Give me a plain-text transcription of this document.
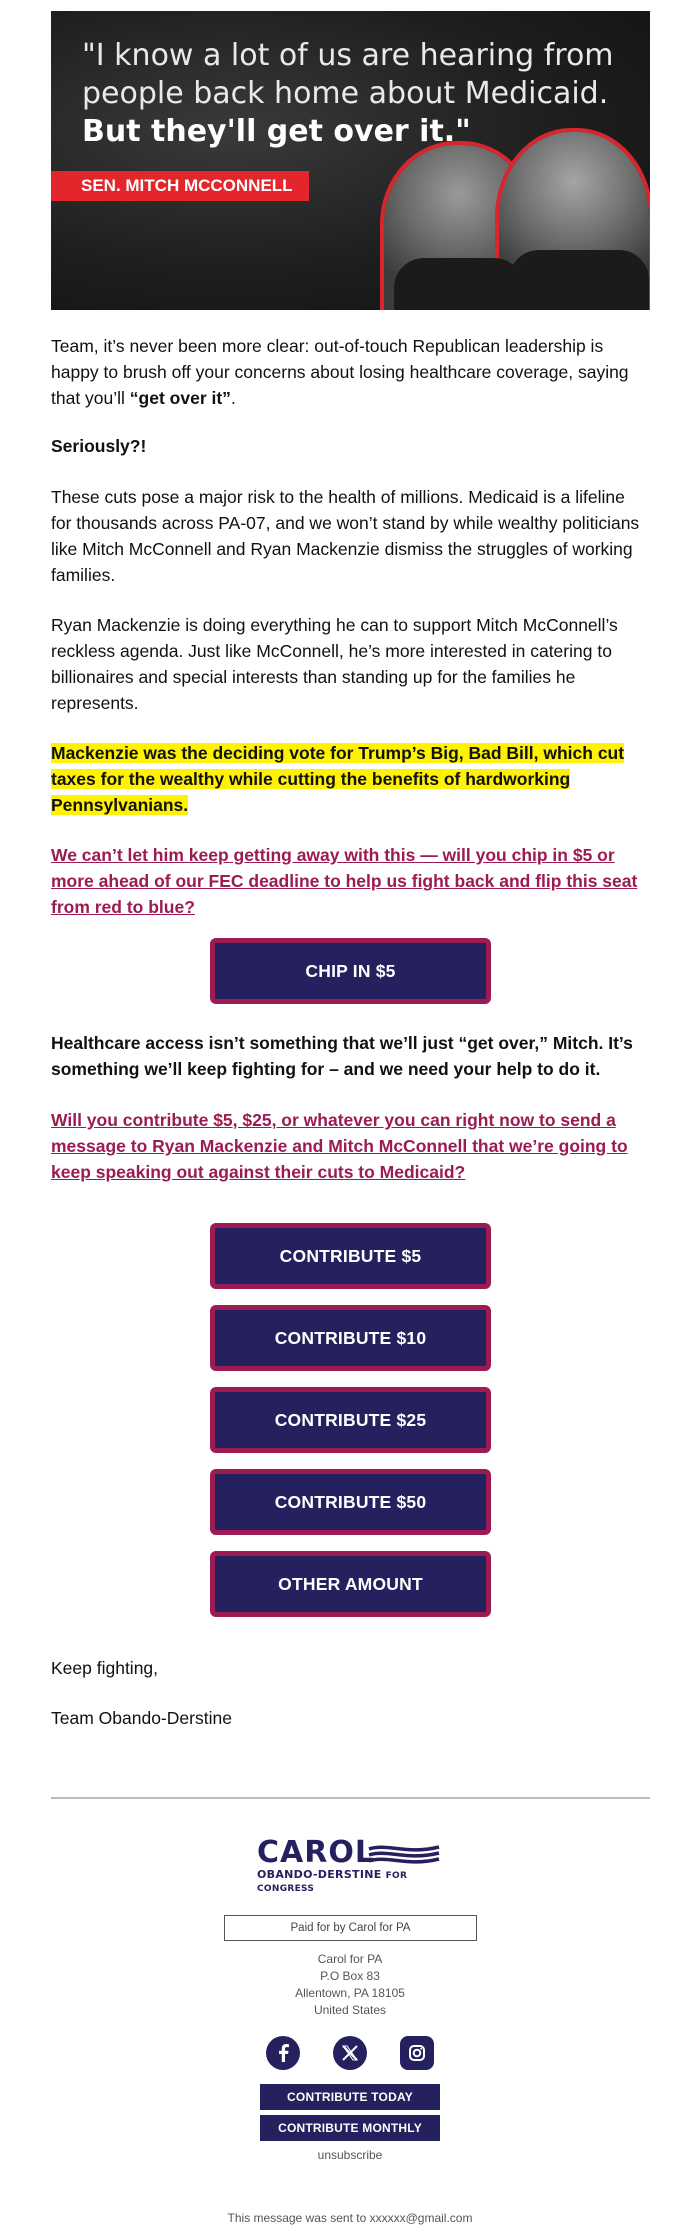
"I know a lot of us are hearing from
people back home about Medicaid.
But they'll get over it."
SEN. MITCH MCCONNELL

Team, it’s never been more clear: out-of-touch Republican leadership is happy to brush off your concerns about losing healthcare coverage, saying that you’ll “get over it”.

Seriously?!

These cuts pose a major risk to the health of millions. Medicaid is a lifeline for thousands across PA-07, and we won’t stand by while wealthy politicians like Mitch McConnell and Ryan Mackenzie dismiss the struggles of working families.

Ryan Mackenzie is doing everything he can to support Mitch McConnell’s reckless agenda. Just like McConnell, he’s more interested in catering to billionaires and special interests than standing up for the families he represents.

Mackenzie was the deciding vote for Trump’s Big, Bad Bill, which cut taxes for the wealthy while cutting the benefits of hardworking Pennsylvanians.

We can’t let him keep getting away with this — will you chip in $5 or more ahead of our FEC deadline to help us fight back and flip this seat from red to blue?

CHIP IN $5

Healthcare access isn’t something that we’ll just “get over,” Mitch. It’s something we’ll keep fighting for – and we need your help to do it.

Will you contribute $5, $25, or whatever you can right now to send a message to Ryan Mackenzie and Mitch McConnell that we’re going to keep speaking out against their cuts to Medicaid?

CONTRIBUTE $5
CONTRIBUTE $10
CONTRIBUTE $25
CONTRIBUTE $50
OTHER AMOUNT

Keep fighting,

Team Obando-Derstine

CAROL
OBANDO-DERSTINE FOR CONGRESS
Paid for by Carol for PA
Carol for PA
P.O Box 83
Allentown, PA 18105
United States
CONTRIBUTE TODAY
CONTRIBUTE MONTHLY
unsubscribe
This message was sent to xxxxxx@gmail.com
